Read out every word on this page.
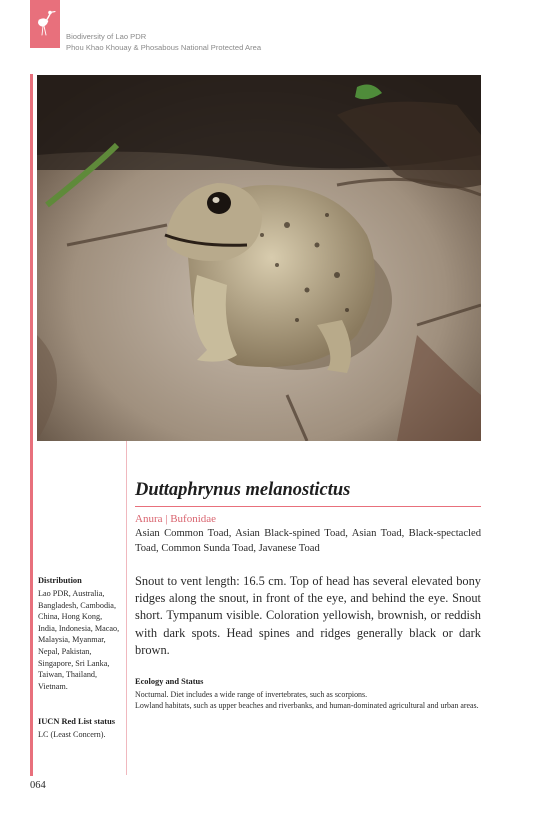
Biodiversity of Lao PDR
Phou Khao Khouay & Phosabous National Protected Area
Duttaphrynus melanostictus
Anura | Bufonidae
Asian Common Toad, Asian Black-spined Toad, Asian Toad, Black-spectacled Toad, Common Sunda Toad, Javanese Toad
Snout to vent length: 16.5 cm. Top of head has several elevated bony ridges along the snout, in front of the eye, and behind the eye. Snout short. Tympanum visible. Coloration yellowish, brownish, or reddish with dark spots. Head spines and ridges generally black or dark brown.
Ecology and Status
Nocturnal. Diet includes a wide range of invertebrates, such as scorpions.
Lowland habitats, such as upper beaches and riverbanks, and human-dominated agricultural and urban areas.
Distribution
Lao PDR, Australia, Bangladesh, Cambodia, China, Hong Kong, India, Indonesia, Macao, Malaysia, Myanmar, Nepal, Pakistan, Singapore, Sri Lanka, Taiwan, Thailand, Vietnam.
IUCN Red List status
LC (Least Concern).
064
